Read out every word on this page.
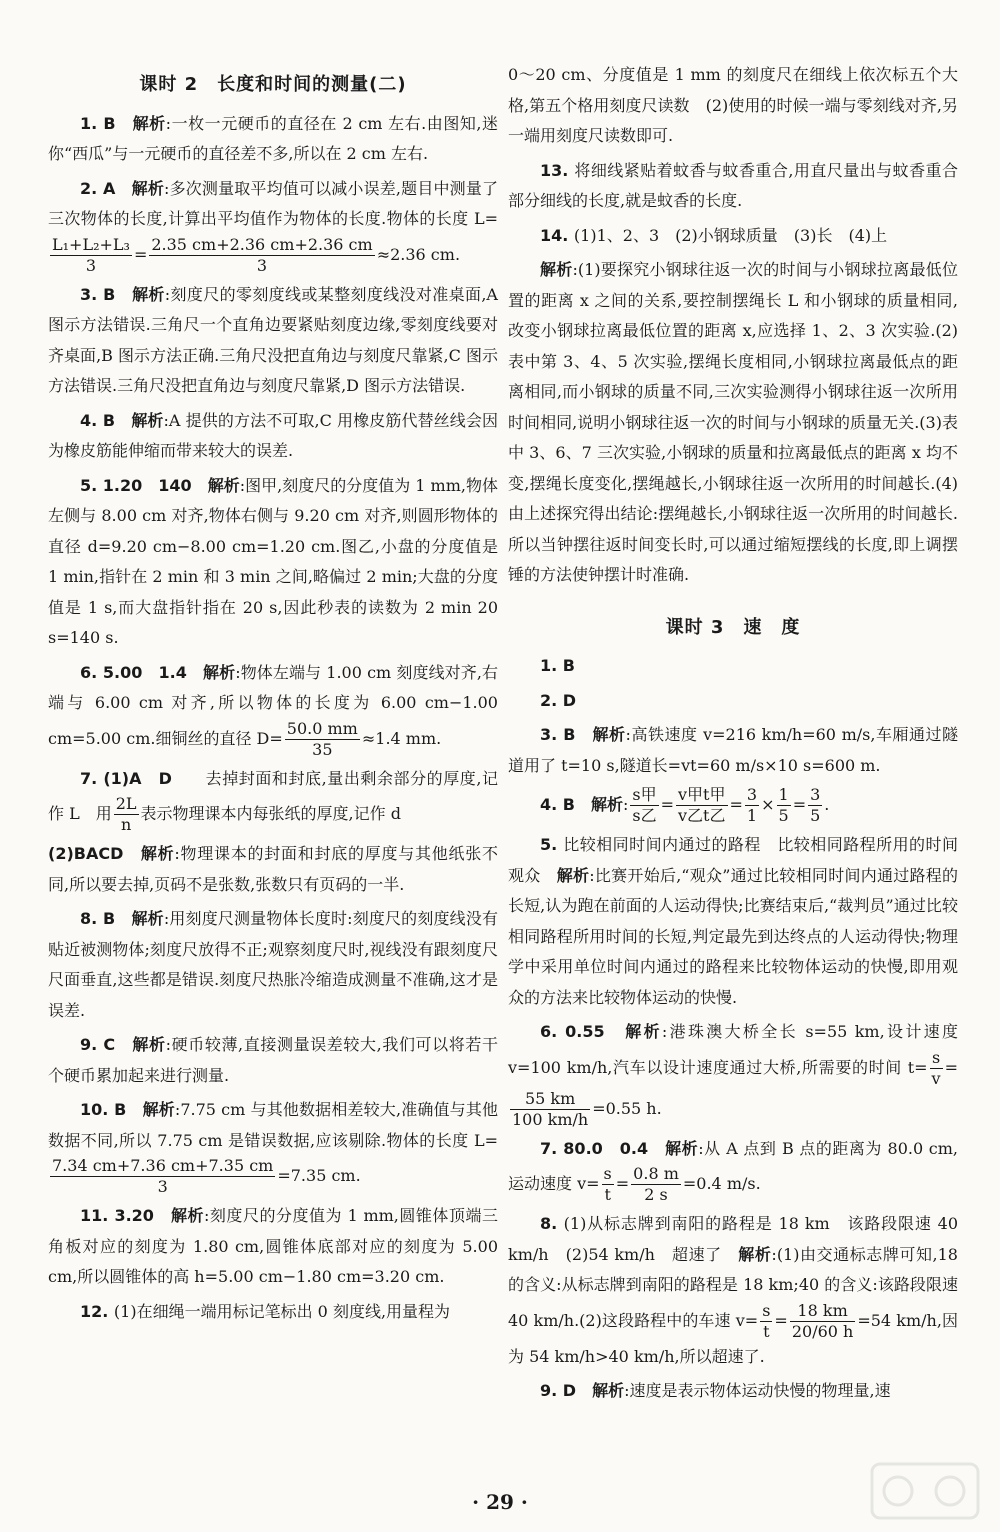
课时 2　长度和时间的测量(二)
1. B　解析:一枚一元硬币的直径在 2 cm 左右.由图知,迷你“西瓜”与一元硬币的直径差不多,所以在 2 cm 左右.
2. A　解析:多次测量取平均值可以减小误差,题目中测量了三次物体的长度,计算出平均值作为物体的长度.物体的长度 L=
$\frac{\text{L₁+L₂+L₃}}{3} = \frac{2.35 cm+2.36 cm+2.36 cm}{3} \approx 2.36$ cm.
3. B　解析:刻度尺的零刻度线或某整刻度线没对准桌面,A 图示方法错误.三角尺一个直角边要紧贴刻度边缘,零刻度线要对齐桌面,B 图示方法正确.三角尺没把直角边与刻度尺靠紧,C 图示方法错误.三角尺没把直角边与刻度尺靠紧,D 图示方法错误.
4. B　解析:A 提供的方法不可取,C 用橡皮筋代替丝线会因为橡皮筋能伸缩而带来较大的误差.
5. 1.20　140　解析:图甲,刻度尺的分度值为 1 mm,物体左侧与 8.00 cm 对齐,物体右侧与 9.20 cm 对齐,则圆形物体的直径 d=9.20 cm−8.00 cm=1.20 cm.图乙,小盘的分度值是 1 min,指针在 2 min 和 3 min 之间,略偏过 2 min;大盘的分度值是 1 s,而大盘指针指在 20 s,因此秒表的读数为 2 min 20 s=140 s.
6. 5.00　1.4　解析:物体左端与 1.00 cm 刻度线对齐,右端与 6.00 cm 对齐,所以物体的长度为 6.00 cm−1.00 cm=5.00 cm.细铜丝的直径 $D= \frac{50.0 mm}{35} \approx 1.4$ mm.
7. (1)A　D　　去掉封面和封底,量出剩余部分的厚度,记作 L　用 $\frac{2L}{n}$ 表示物理课本内每张纸的厚度,记作 d
(2)BACD　解析:物理课本的封面和封底的厚度与其他纸张不同,所以要去掉,页码不是张数,张数只有页码的一半.
8. B　解析:用刻度尺测量物体长度时:刻度尺的刻度线没有贴近被测物体;刻度尺放得不正;观察刻度尺时,视线没有跟刻度尺尺面垂直,这些都是错误.刻度尺热胀冷缩造成测量不准确,这才是误差.
9. C　解析:硬币较薄,直接测量误差较大,我们可以将若干个硬币累加起来进行测量.
10. B　解析:7.75 cm 与其他数据相差较大,准确值与其他数据不同,所以 7.75 cm 是错误数据,应该剔除.物体的长度 L=
$\frac{7.34 cm+7.36 cm+7.35 cm}{3} =7.35$ cm.
11. 3.20　解析:刻度尺的分度值为 1 mm,圆锥体顶端三角板对应的刻度为 1.80 cm,圆锥体底部对应的刻度为 5.00 cm,所以圆锥体的高 h=5.00 cm−1.80 cm=3.20 cm.
12. (1)在细绳一端用标记笔标出 0 刻度线,用量程为
0～20 cm、分度值是 1 mm 的刻度尺在细线上依次标五个大格,第五个格用刻度尺读数　(2)使用的时候一端与零刻线对齐,另一端用刻度尺读数即可.
13. 将细线紧贴着蚊香与蚊香重合,用直尺量出与蚊香重合部分细线的长度,就是蚊香的长度.
14. (1)1、2、3　(2)小钢球质量　(3)长　(4)上
解析:(1)要探究小钢球往返一次的时间与小钢球拉离最低位置的距离 x 之间的关系,要控制摆绳长 L 和小钢球的质量相同,改变小钢球拉离最低位置的距离 x,应选择 1、2、3 次实验.(2)表中第 3、4、5 次实验,摆绳长度相同,小钢球拉离最低点的距离相同,而小钢球的质量不同,三次实验测得小钢球往返一次所用时间相同,说明小钢球往返一次的时间与小钢球的质量无关.(3)表中 3、6、7 三次实验,小钢球的质量和拉离最低点的距离 x 均不变,摆绳长度变化,摆绳越长,小钢球往返一次所用的时间越长.(4)由上述探究得出结论:摆绳越长,小钢球往返一次所用的时间越长.所以当钟摆往返时间变长时,可以通过缩短摆线的长度,即上调摆锤的方法使钟摆计时准确.
课时 3　速　度
1. B　
2. D　
3. B　解析:高铁速度 v=216 km/h=60 m/s,车厢通过隧道用了 t=10 s,隧道长=vt=60 m/s×10 s=600 m.
4. B　解析: $\frac{\text{s甲}}{\text{s乙}} = \frac{\text{v甲t甲}}{\text{v乙t乙}} = \frac{3}{1} \times \frac{1}{5} = \frac{3}{5}$ .
5. 比较相同时间内通过的路程　比较相同路程所用的时间　观众　解析:比赛开始后,“观众”通过比较相同时间内通过路程的长短,认为跑在前面的人运动得快;比赛结束后,“裁判员”通过比较相同路程所用时间的长短,判定最先到达终点的人运动得快;物理学中采用单位时间内通过的路程来比较物体运动的快慢,即用观众的方法来比较物体运动的快慢.
6. 0.55　解析:港珠澳大桥全长 s=55 km,设计速度 v=100 km/h,汽车以设计速度通过大桥,所需要的时间 $t= \frac{s}{v}$ =
$\frac{55 km}{100 km/h} =0.55$ h.
7. 80.0　0.4　解析:从 A 点到 B 点的距离为 80.0 cm,运动速度 $v= \frac{s}{t} = \frac{0.8 m}{2 s} =0.4$ m/s.
8. (1)从标志牌到南阳的路程是 18 km　该路段限速 40 km/h　(2)54 km/h　超速了　解析:(1)由交通标志牌可知,18 的含义:从标志牌到南阳的路程是 18 km;40 的含义:该路段限速 40 km/h.(2)这段路程中的车速 $v= \frac{s}{t} = \frac{18 km}{20/60 h} =54$ km/h,因为 54 km/h>40 km/h,所以超速了.
9. D　解析:速度是表示物体运动快慢的物理量,速
· 29 ·
